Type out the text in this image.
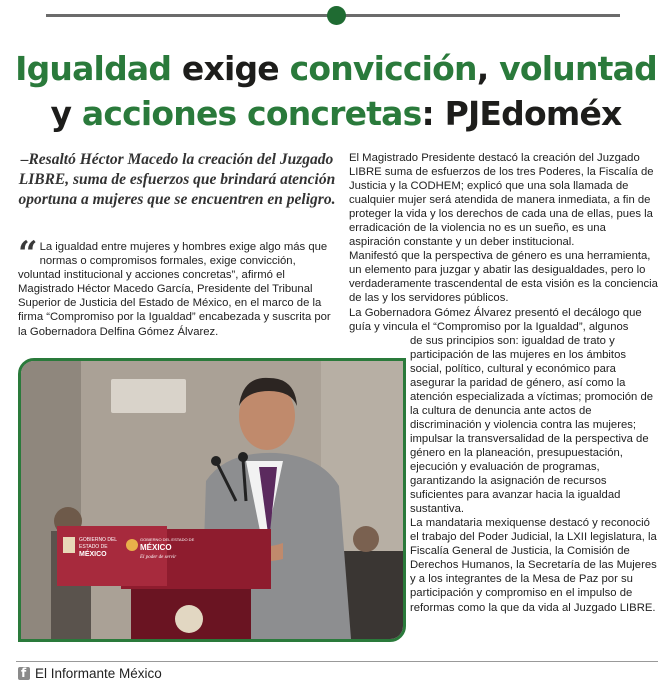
Igualdad exige convicción, voluntad
y acciones concretas: PJEdoméx
–Resaltó Héctor Macedo la creación del Juzgado LIBRE, suma de esfuerzos que brindará atención oportuna a mujeres que se encuentren en peligro.
“ La igualdad entre mujeres y hombres exige algo más que normas o compromisos formales, exige convicción, voluntad institucional y acciones concretas”, afirmó el Magistrado Héctor Macedo García, Presidente del Tribunal Superior de Justicia del Estado de México, en el marco de la firma “Compromiso por la Igualdad” encabezada y suscrita por la Gobernadora Delfina Gómez Álvarez.
GOBIERNO DEL
ESTADO DE
MÉXICO
GOBIERNO DEL ESTADO DE
MÉXICO
El poder de servir

El Magistrado Presidente destacó la creación del Juzgado LIBRE suma de esfuerzos de los tres Poderes, la Fiscalía de Justicia y la CODHEM; explicó que una sola llamada de cualquier mujer será atendida de manera inmediata, a fin de proteger la vida y los derechos de cada una de ellas, pues la erradicación de la violencia no es un sueño, es una aspiración constante y un deber institucional.

Manifestó que la perspectiva de género es una herramienta, un elemento para juzgar y abatir las desigualdades, pero lo verdaderamente trascendental de esta visión es la conciencia de las y los servidores públicos.

La Gobernadora Gómez Álvarez presentó el decálogo que guía y vincula el “Compromiso por la Igualdad”, algunos

de sus principios son: igualdad de trato y participación de las mujeres en los ámbitos social, político, cultural y económico para asegurar la paridad de género, así como la atención especializada a víctimas; promoción de la cultura de denuncia ante actos de discriminación y violencia contra las mujeres; impulsar la transversalidad de la perspectiva de género en la planeación, presupuestación, ejecución y evaluación de programas, garantizando la asignación de recursos suficientes para avanzar hacia la igualdad sustantiva.

La mandataria mexiquense destacó y reconoció el trabajo del Poder Judicial, la LXII legislatura, la Fiscalía General de Justicia, la Comisión de Derechos Humanos, la Secretaría de las Mujeres y a los integrantes de la Mesa de Paz por su participación y compromiso en el impulso de reformas como la que da vida al Juzgado LIBRE.

f
El Informante México
